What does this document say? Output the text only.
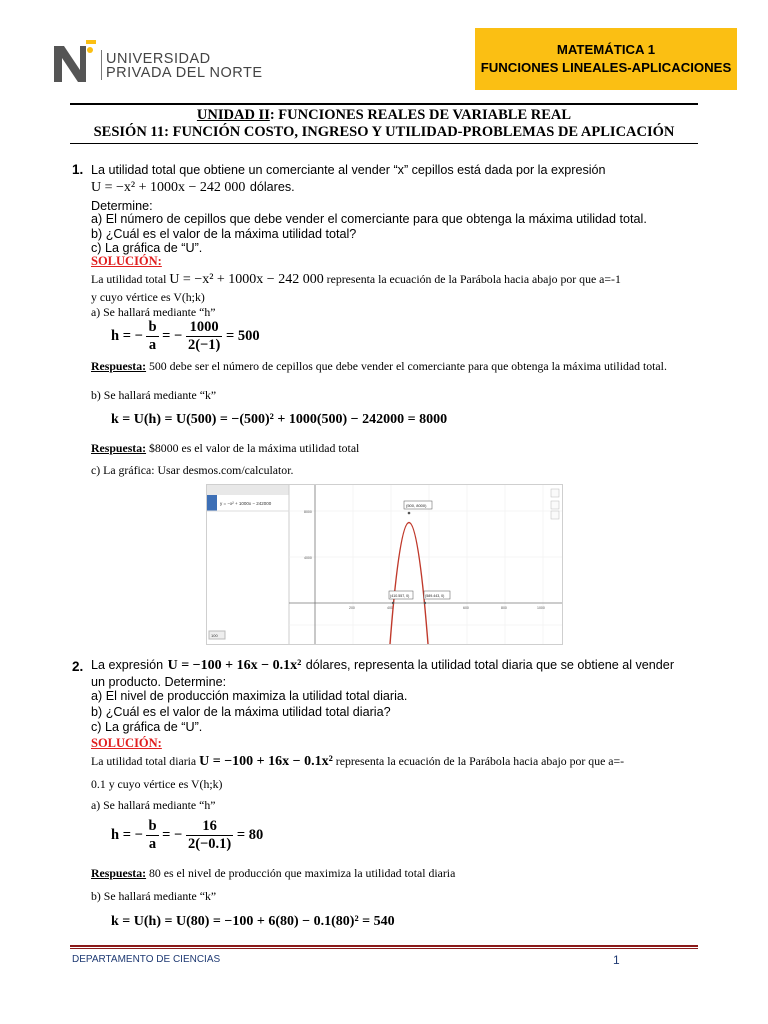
UNIVERSIDAD
PRIVADA DEL NORTE
MATEMÁTICA 1
FUNCIONES LINEALES-APLICACIONES
UNIDAD II: FUNCIONES REALES DE VARIABLE REAL
SESIÓN 11: FUNCIÓN COSTO, INGRESO Y UTILIDAD-PROBLEMAS DE APLICACIÓN
1. La utilidad total que obtiene un comerciante al vender “x” cepillos está dada por la expresión
U = −x² + 1000x − 242 000 dólares.
Determine:
a) El número de cepillos que debe vender el comerciante para que obtenga la máxima utilidad total.
b) ¿Cuál es el valor de la máxima utilidad total?
c) La gráfica de “U”.
SOLUCIÓN:
La utilidad total U = −x² + 1000x − 242 000 representa la ecuación de la Parábola hacia abajo por que a=-1
y cuyo vértice es V(h;k)
a) Se hallará mediante “h”
h = − $\frac{b}{a}$ = − $\frac{1000}{2(-1)} = 500$
Respuesta: 500 debe ser el número de cepillos que debe vender el comerciante para que obtenga la máxima utilidad total.
b) Se hallará mediante “k”
k = U(h) = U(500) = −(500)² + 1000(500) − 242000 = 8000
Respuesta: $8000 es el valor de la máxima utilidad total
c) La gráfica: Usar desmos.com/calculator.
y = −x² + 1000x − 242000
100
8000
4000
200	400	600	800	1000
(500, 8000)
(410.557, 0)	(589.443, 0)
2. La expresión U = −100 + 16x − 0.1x² dólares, representa la utilidad total diaria que se obtiene al vender
un producto. Determine:
a) El nivel de producción maximiza la utilidad total diaria.
b) ¿Cuál es el valor de la máxima utilidad total diaria?
c) La gráfica de “U”.
SOLUCIÓN:
La utilidad total diaria U = −100 + 16x − 0.1x² representa la ecuación de la Parábola hacia abajo por que a=-
0.1 y cuyo vértice es V(h;k)
a) Se hallará mediante “h”
h = − $\frac{b}{a}$ = − $\frac{16}{2(-0.1)} = 80$
Respuesta: 80 es el nivel de producción que maximiza la utilidad total diaria
b) Se hallará mediante “k”
k = U(h) = U(80) = −100 + 6(80) − 0.1(80)² = 540
DEPARTAMENTO DE CIENCIAS	1
